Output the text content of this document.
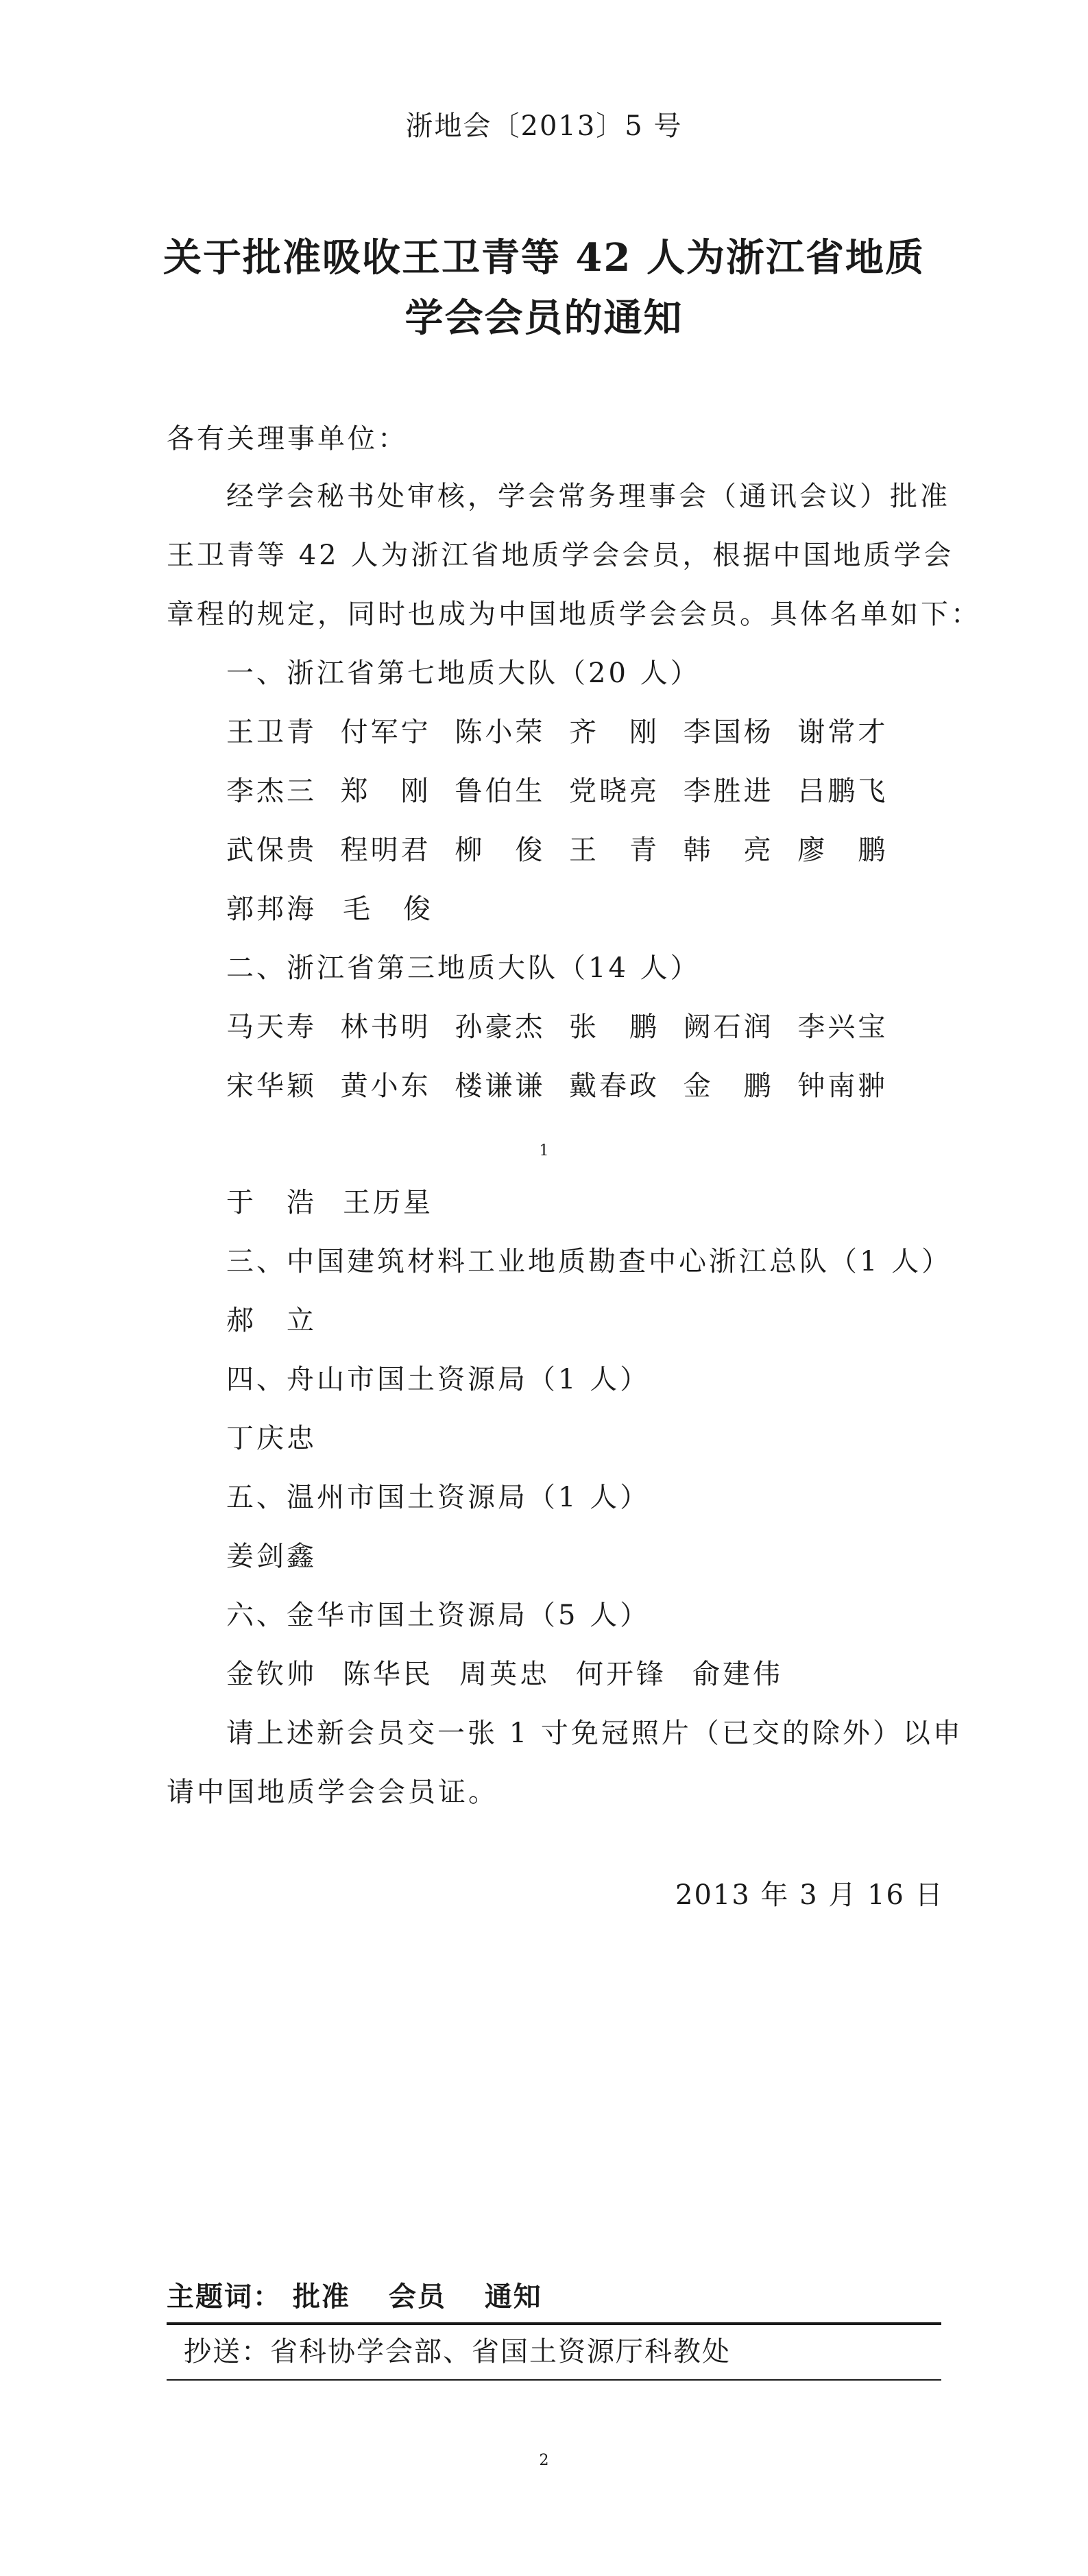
浙地会〔2013〕5 号
关于批准吸收王卫青等 42 人为浙江省地质
学会会员的通知
各有关理事单位：
经学会秘书处审核，学会常务理事会（通讯会议）批准
王卫青等 42 人为浙江省地质学会会员，根据中国地质学会
章程的规定，同时也成为中国地质学会会员。具体名单如下：
一、浙江省第七地质大队（20 人）
王卫青 付军宁 陈小荣 齐　刚 李国杨 谢常才
李杰三 郑　刚 鲁伯生 党晓亮 李胜进 吕鹏飞
武保贵 程明君 柳　俊 王　青 韩　亮 廖　鹏
郭邦海 毛　俊
二、浙江省第三地质大队（14 人）
马天寿 林书明 孙豪杰 张　鹏 阙石润 李兴宝
宋华颖 黄小东 楼谦谦 戴春政 金　鹏 钟南翀
1
于　浩 王历星
三、中国建筑材料工业地质勘查中心浙江总队（1 人）
郝　立
四、舟山市国土资源局（1 人）
丁庆忠
五、温州市国土资源局（1 人）
姜剑鑫
六、金华市国土资源局（5 人）
金钦帅 陈华民 周英忠 何开锋 俞建伟
请上述新会员交一张 1 寸免冠照片（已交的除外）以申
请中国地质学会会员证。
2013 年 3 月 16 日
主题词： 批准 会员 通知
抄送：省科协学会部、省国土资源厅科教处
2
